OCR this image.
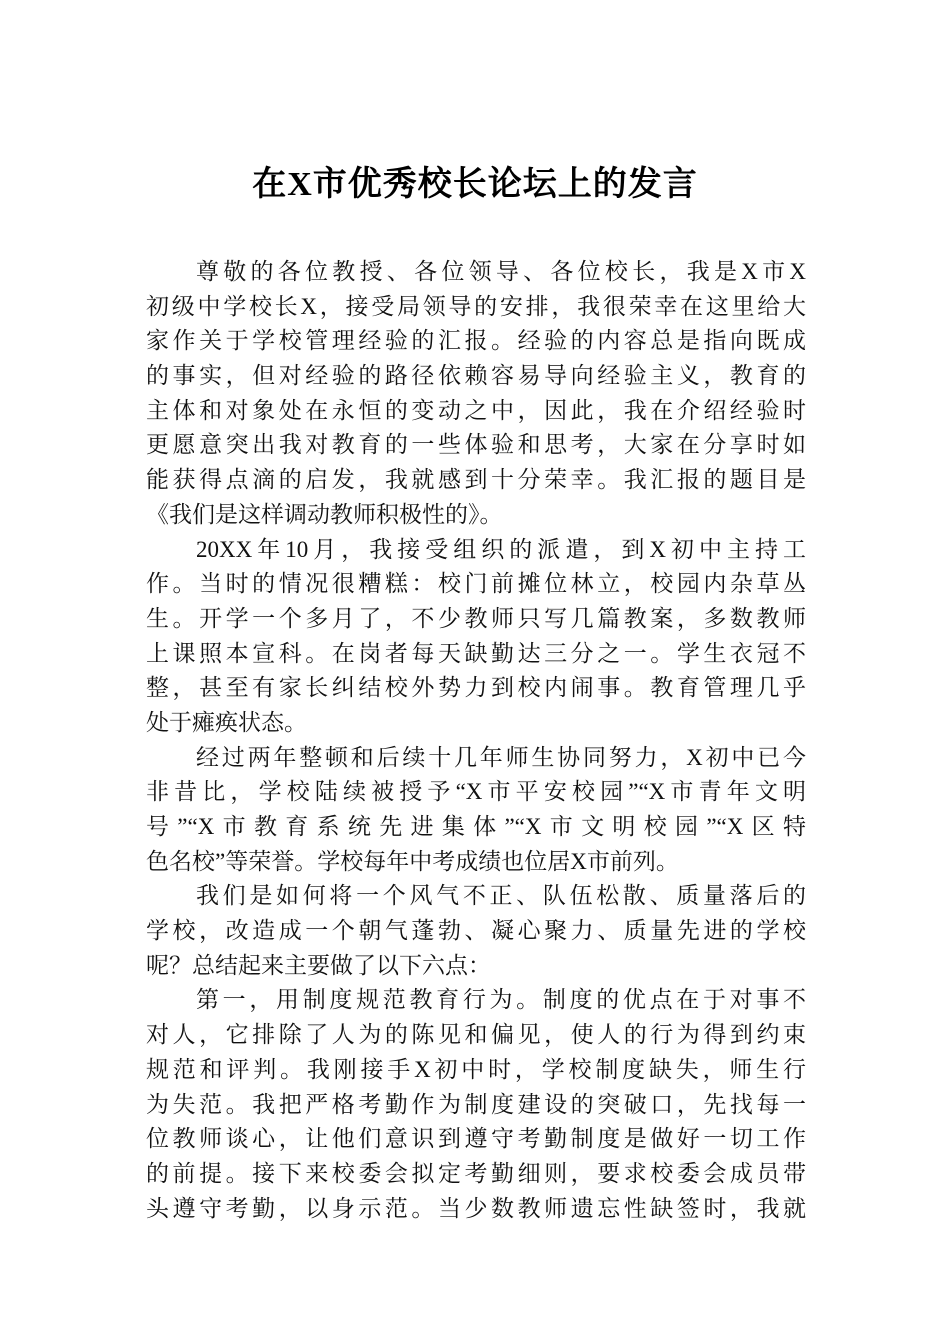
在X市优秀校长论坛上的发言
尊敬的各位教授、各位领导、各位校长，我是X市X
初级中学校长X，接受局领导的安排，我很荣幸在这里给大
家作关于学校管理经验的汇报。经验的内容总是指向既成
的事实，但对经验的路径依赖容易导向经验主义，教育的
主体和对象处在永恒的变动之中，因此，我在介绍经验时
更愿意突出我对教育的一些体验和思考，大家在分享时如
能获得点滴的启发，我就感到十分荣幸。我汇报的题目是
《我们是这样调动教师积极性的》。
20XX年10月，我接受组织的派遣，到X初中主持工
作。当时的情况很糟糕：校门前摊位林立，校园内杂草丛
生。开学一个多月了，不少教师只写几篇教案，多数教师
上课照本宣科。在岗者每天缺勤达三分之一。学生衣冠不
整，甚至有家长纠结校外势力到校内闹事。教育管理几乎
处于瘫痪状态。
经过两年整顿和后续十几年师生协同努力，X初中已今
非昔比，学校陆续被授予“X市平安校园”“X市青年文明
号”“X市教育系统先进集体”“X市文明校园”“X区特
色名校”等荣誉。学校每年中考成绩也位居X市前列。
我们是如何将一个风气不正、队伍松散、质量落后的
学校，改造成一个朝气蓬勃、凝心聚力、质量先进的学校
呢？总结起来主要做了以下六点：
第一，用制度规范教育行为。制度的优点在于对事不
对人，它排除了人为的陈见和偏见，使人的行为得到约束
规范和评判。我刚接手X初中时，学校制度缺失，师生行
为失范。我把严格考勤作为制度建设的突破口，先找每一
位教师谈心，让他们意识到遵守考勤制度是做好一切工作
的前提。接下来校委会拟定考勤细则，要求校委会成员带
头遵守考勤，以身示范。当少数教师遗忘性缺签时，我就
